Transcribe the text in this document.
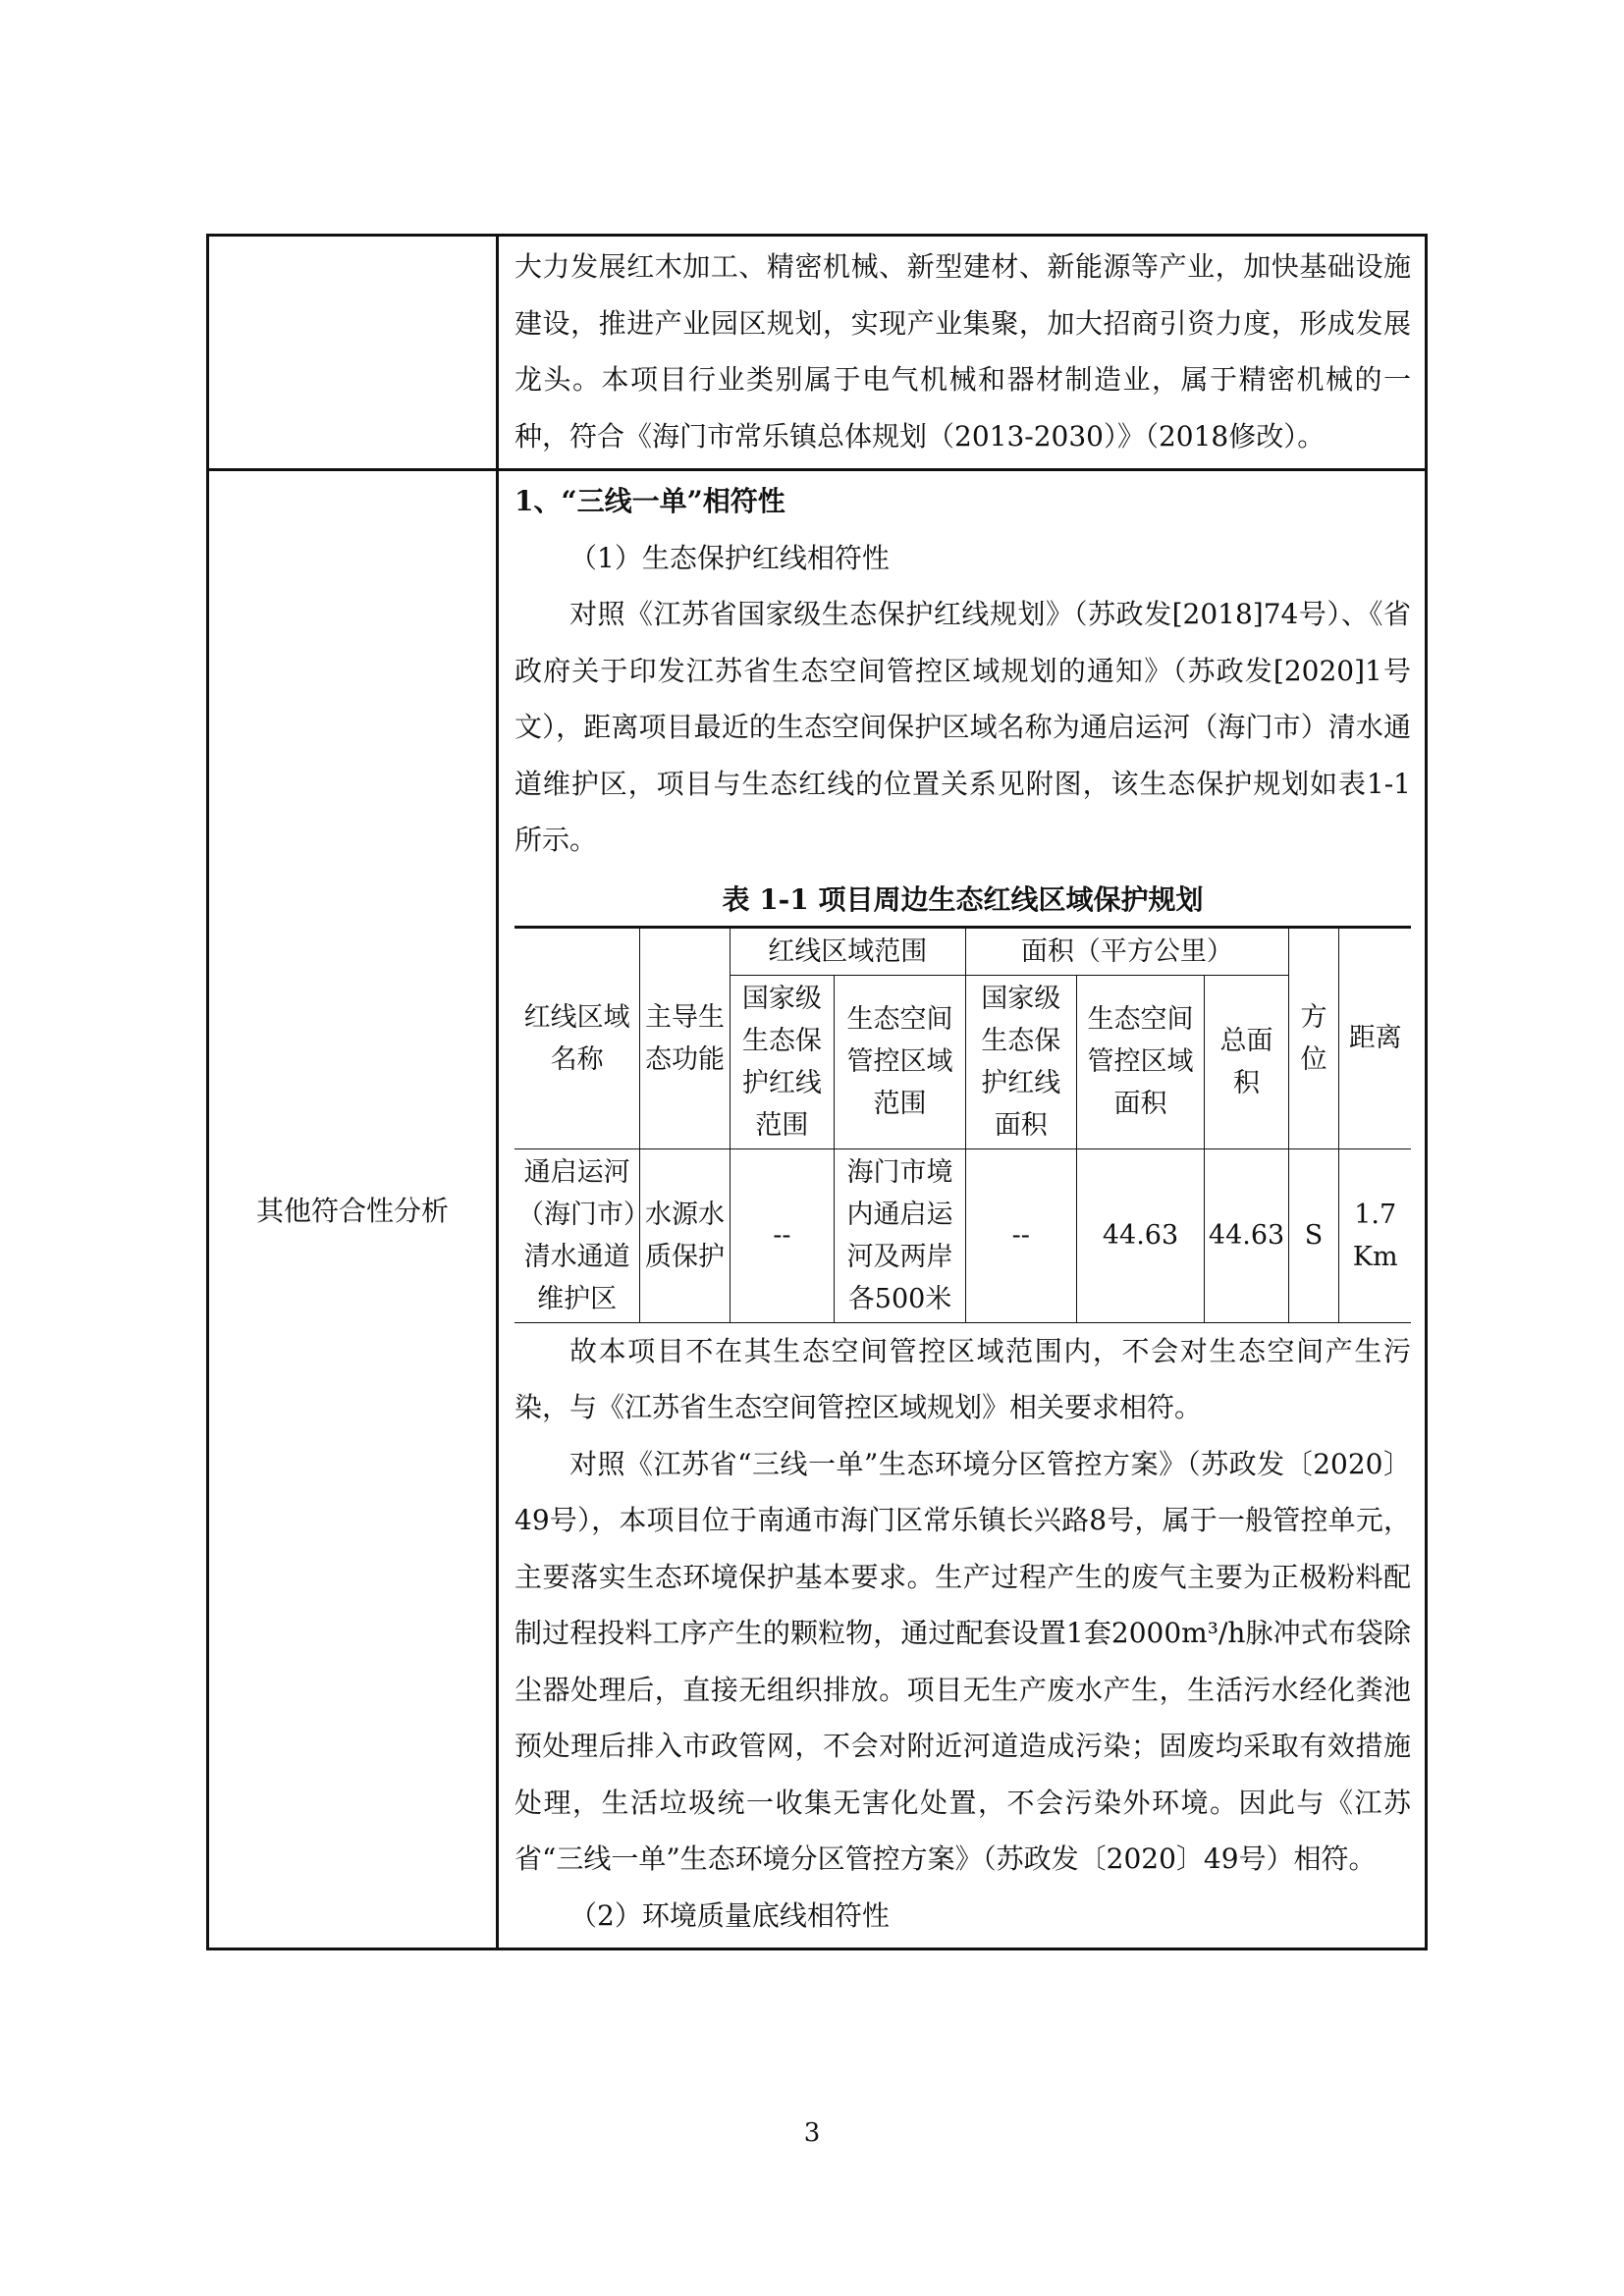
大力发展红木加工、精密机械、新型建材、新能源等产业，加快基础设施建设，推进产业园区规划，实现产业集聚，加大招商引资力度，形成发展龙头。本项目行业类别属于电气机械和器材制造业，属于精密机械的一种，符合《海门市常乐镇总体规划（2013-2030）》（2018修改）。

其他符合性分析	

1、“三线一单”相符性

（1）生态保护红线相符性

对照《江苏省国家级生态保护红线规划》（苏政发[2018]74号）、《省政府关于印发江苏省生态空间管控区域规划的通知》（苏政发[2020]1号文），距离项目最近的生态空间保护区域名称为通启运河（海门市）清水通道维护区，项目与生态红线的位置关系见附图，该生态保护规划如表1-1所示。

表 1-1 项目周边生态红线区域保护规划
红线区域名称	主导生态功能	红线区域范围	面积（平方公里）	方位	距离
国家级生态保护红线范围	生态空间管控区域范围	国家级生态保护红线面积	生态空间管控区域面积	总面积
通启运河（海门市）清水通道维护区	水源水质保护	--	海门市境内通启运河及两岸各500米	--	44.63	44.63	S	1.7 Km

故本项目不在其生态空间管控区域范围内，不会对生态空间产生污染，与《江苏省生态空间管控区域规划》相关要求相符。

对照《江苏省“三线一单”生态环境分区管控方案》（苏政发〔2020〕49号），本项目位于南通市海门区常乐镇长兴路8号，属于一般管控单元，主要落实生态环境保护基本要求。生产过程产生的废气主要为正极粉料配制过程投料工序产生的颗粒物，通过配套设置1套2000m³/h脉冲式布袋除尘器处理后，直接无组织排放。项目无生产废水产生，生活污水经化粪池预处理后排入市政管网，不会对附近河道造成污染；固废均采取有效措施处理，生活垃圾统一收集无害化处置，不会污染外环境。因此与《江苏省“三线一单”生态环境分区管控方案》（苏政发〔2020〕49号）相符。

（2）环境质量底线相符性

3
